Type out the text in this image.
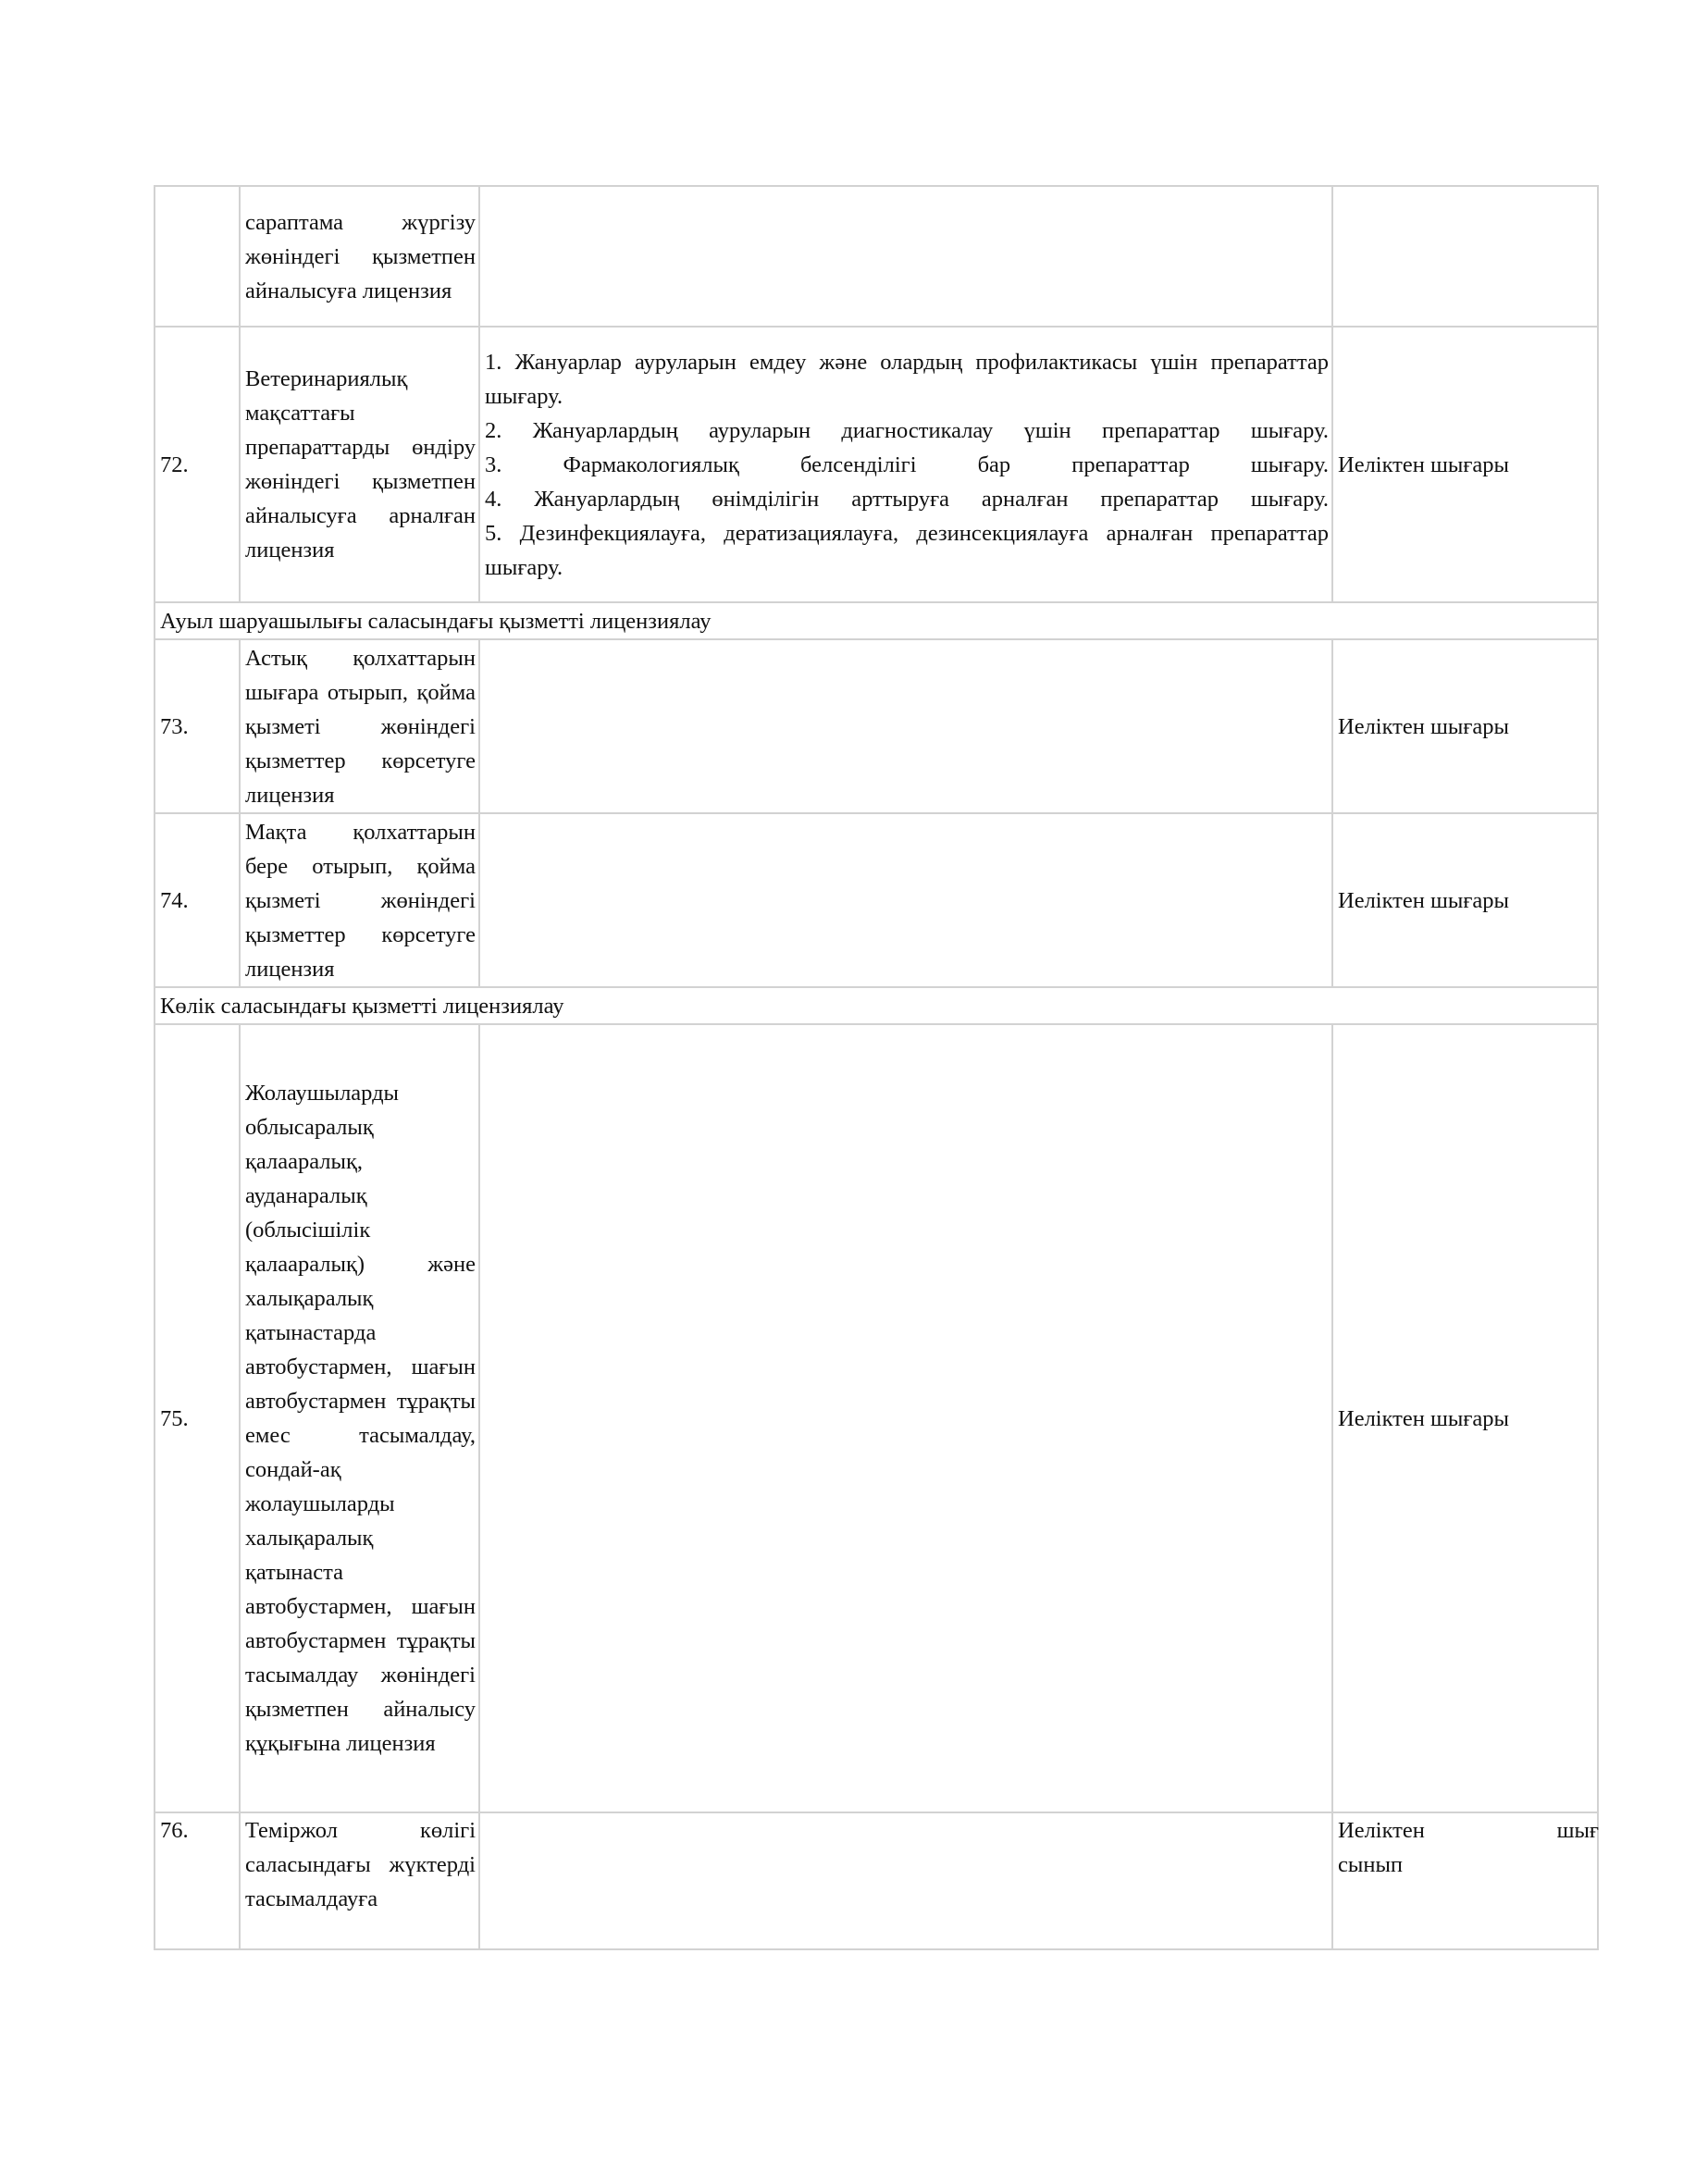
	сараптама жүргізу жөніндегі қызметпен айналысуға лицензия		
72.	Ветеринариялық мақсаттағы препараттарды өндіру жөніндегі қызметпен айналысуға арналған лицензия	1. Жануарлар ауруларын емдеу және олардың профилактикасы үшін препараттар шығару.
2. Жануарлардың ауруларын диагностикалау үшін препараттар шығару.
3. Фармакологиялық белсенділігі бар препараттар шығару.
4. Жануарлардың өнімділігін арттыруға арналған препараттар шығару.
5. Дезинфекциялауға, дератизациялауға, дезинсекциялауға арналған препараттар шығару.	Иеліктен шығары
Ауыл шаруашылығы саласындағы қызметті лицензиялау			
73.	Астық қолхаттарын шығара отырып, қойма қызметі жөніндегі қызметтер көрсетуге лицензия		Иеліктен шығары
74.	Мақта қолхаттарын бере отырып, қойма қызметі жөніндегі қызметтер көрсетуге лицензия		Иеліктен шығары
Көлік саласындағы қызметті лицензиялау			
75.	Жолаушыларды облысаралық қалааралық, ауданаралық (облысішілік қалааралық) және халықаралық қатынастарда автобустармен, шағын автобустармен тұрақты емес тасымалдау, сондай-ақ жолаушыларды халықаралық қатынаста автобустармен, шағын автобустармен тұрақты тасымалдау жөніндегі қызметпен айналысу құқығына лицензия		Иеліктен шығары
76.	Теміржол көлігі саласындағы жүктерді тасымалдауға		Иеліктен шығ
сынып
